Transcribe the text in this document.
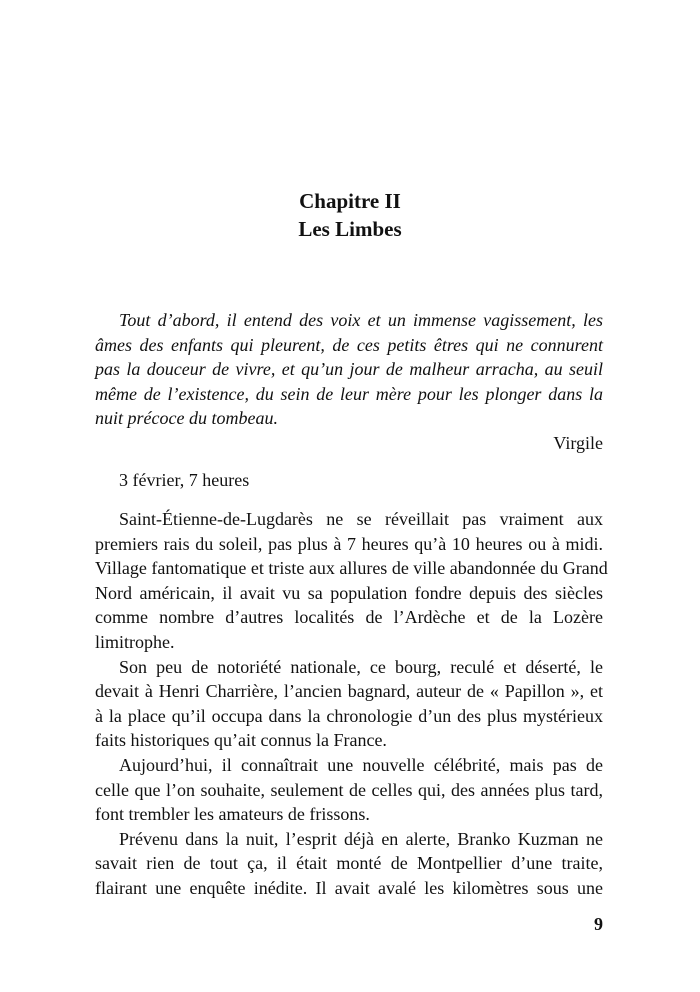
Chapitre II
Les Limbes
Tout d’abord, il entend des voix et un immense vagissement, les
âmes des enfants qui pleurent, de ces petits êtres qui ne connurent
pas la douceur de vivre, et qu’un jour de malheur arracha, au seuil
même de l’existence, du sein de leur mère pour les plonger dans la
nuit précoce du tombeau.
Virgile
3 février, 7 heures
Saint-Étienne-de-Lugdarès ne se réveillait pas vraiment aux
premiers rais du soleil, pas plus à 7 heures qu’à 10 heures ou à midi.
Village fantomatique et triste aux allures de ville abandonnée du Grand
Nord américain, il avait vu sa population fondre depuis des siècles
comme nombre d’autres localités de l’Ardèche et de la Lozère
limitrophe.
Son peu de notoriété nationale, ce bourg, reculé et déserté, le
devait à Henri Charrière, l’ancien bagnard, auteur de « Papillon », et
à la place qu’il occupa dans la chronologie d’un des plus mystérieux
faits historiques qu’ait connus la France.
Aujourd’hui, il connaîtrait une nouvelle célébrité, mais pas de
celle que l’on souhaite, seulement de celles qui, des années plus tard,
font trembler les amateurs de frissons.
Prévenu dans la nuit, l’esprit déjà en alerte, Branko Kuzman ne
savait rien de tout ça, il était monté de Montpellier d’une traite,
flairant une enquête inédite. Il avait avalé les kilomètres sous une
9
